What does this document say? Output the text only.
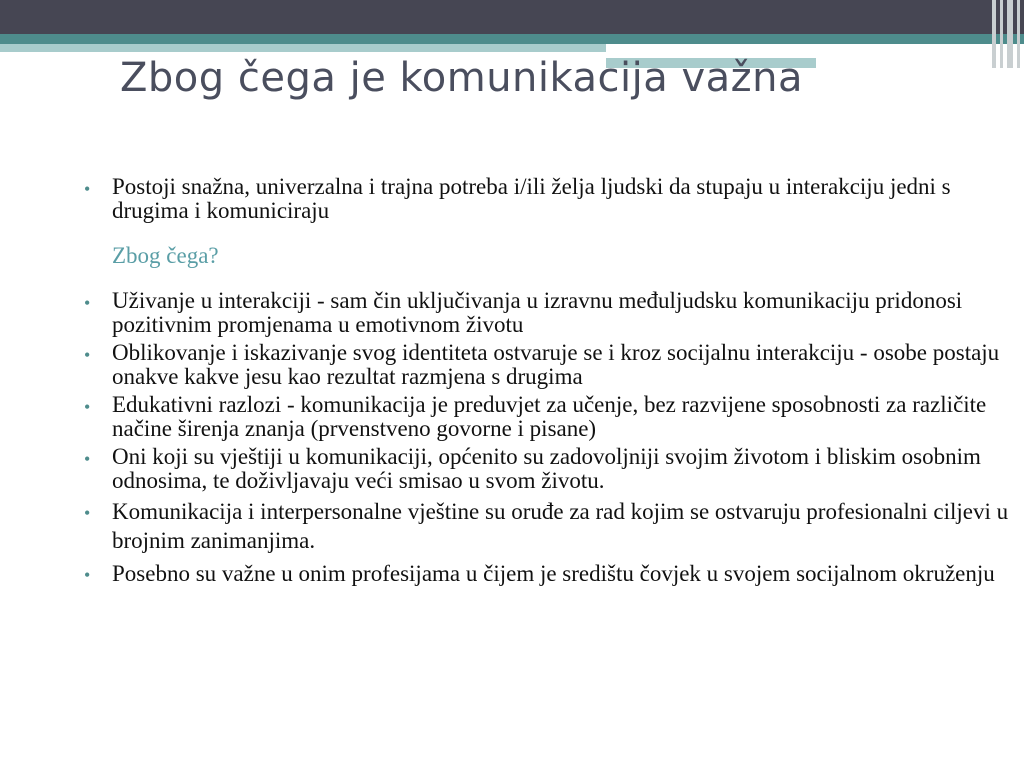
Zbog čega je komunikacija važna
• Postoji snažna, univerzalna i trajna potreba i/ili želja ljudski da stupaju u interakciju jedni s drugima i komuniciraju
Zbog čega?
• Uživanje u interakciji - sam čin uključivanja u izravnu međuljudsku komunikaciju pridonosi pozitivnim promjenama u emotivnom životu
• Oblikovanje i iskazivanje svog identiteta ostvaruje se i kroz socijalnu interakciju - osobe postaju onakve kakve jesu kao rezultat razmjena s drugima
• Edukativni razlozi - komunikacija je preduvjet za učenje, bez razvijene sposobnosti za različite načine širenja znanja (prvenstveno govorne i pisane)
• Oni koji su vještiji u komunikaciji, općenito su zadovoljniji svojim životom i bliskim osobnim odnosima, te doživljavaju veći smisao u svom životu.
• Komunikacija i interpersonalne vještine su oruđe za rad kojim se ostvaruju profesionalni ciljevi u brojnim zanimanjima.
• Posebno su važne u onim profesijama u čijem je središtu čovjek u svojem socijalnom okruženju
